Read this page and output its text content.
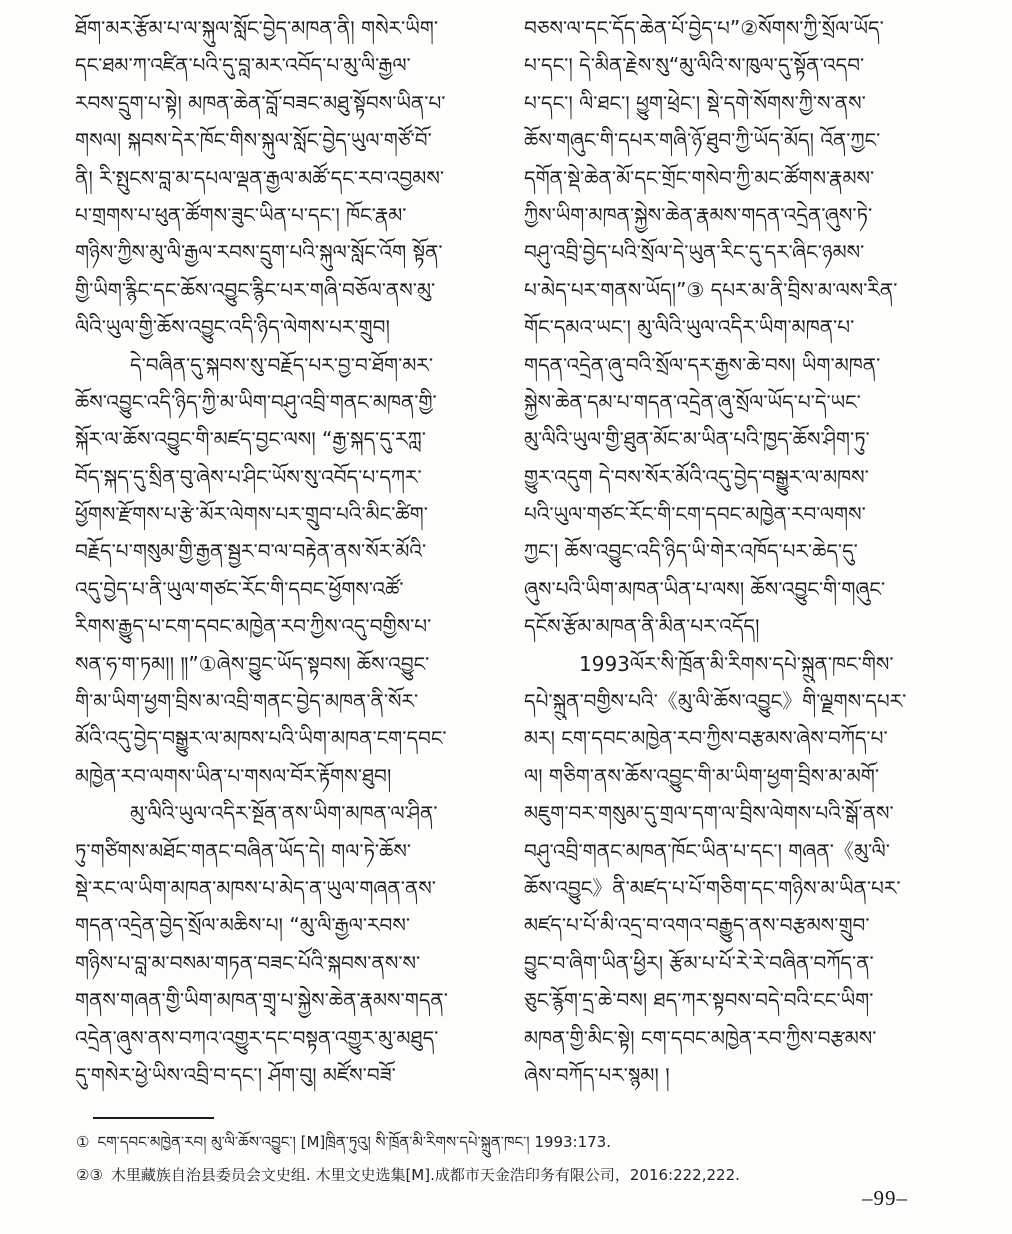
ཐོག་མར་རྩོམ་པ་ལ་སྐུལ་སློང་བྱེད་མཁན་ནི། གསེར་ཡིག་
དང་ཐམ་ཀ་འཛིན་པའི་དུ་བླ་མར་འབོད་པ་མུ་ལི་རྒྱལ་
རབས་དྲུག་པ་སྟེ། མཁན་ཆེན་བློ་བཟང་མཐུ་སྟོབས་ཡིན་པ་
གསལ། སྐབས་དེར་ཁོང་གིས་སྐུལ་སློང་བྱེད་ཡུལ་གཙོ་བོ་
ནི། རི་སྤུངས་བླ་མ་དཔལ་ལྡན་རྒྱལ་མཚོ་དང་རབ་འབྱམས་
པ་གྲགས་པ་ཕུན་ཚོགས་ཟུང་ཡིན་པ་དང་། ཁོང་རྣམ་
གཉིས་ཀྱིས་མུ་ལི་རྒྱལ་རབས་དྲུག་པའི་སྐུལ་སློང་འོག སྟོན་
གྱི་ཡིག་རྙིང་དང་ཆོས་འབྱུང་རྙིང་པར་གཞི་བཅོལ་ནས་མུ་
ལིའི་ཡུལ་གྱི་ཆོས་འབྱུང་འདི་ཉིད་ལེགས་པར་གྲུབ།
དེ་བཞིན་དུ་སྐབས་སུ་བརྗོད་པར་བྱ་བ་ཐོག་མར་
ཆོས་འབྱུང་འདི་ཉིད་ཀྱི་མ་ཡིག་བཤུ་འབྲི་གནང་མཁན་གྱི་
སྐོར་ལ་ཆོས་འབྱུང་གི་མཛད་བྱང་ལས། “རྒྱ་སྐད་དུ་རཀླ་
བོད་སྐད་དུ་སྲིན་བུ་ཞེས་པ་ཤིང་ཡོས་སུ་འབོད་པ་དཀར་
ཕྱོགས་རྫོགས་པ་རྩེ་མོར་ལེགས་པར་གྲུབ་པའི་མིང་ཚིག་
བརྗོད་པ་གསུམ་གྱི་རྒྱན་སྦྱར་བ་ལ་བརྟེན་ནས་སོར་མོའི་
འདུ་བྱེད་པ་ནི་ཡུལ་གཙང་རོང་གི་དབང་ཕྱོགས་འཚོ་
རིགས་རྒྱུད་པ་ངག་དབང་མཁྱེན་རབ་ཀྱིས་འདུ་བགྱིས་པ་
སན་ཧ་ག་ཏམ།། ༎”①ཞེས་བྱུང་ཡོད་སྟབས། ཆོས་འབྱུང་
གི་མ་ཡིག་ཕྱག་བྲིས་མ་འབྲི་གནང་བྱེད་མཁན་ནི་སོར་
མོའི་འདུ་བྱེད་བསྒྱུར་ལ་མཁས་པའི་ཡིག་མཁན་ངག་དབང་
མཁྱེན་རབ་ལགས་ཡིན་པ་གསལ་བོར་རྟོགས་ཐུབ།
མུ་ལིའི་ཡུལ་འདིར་སྔོན་ནས་ཡིག་མཁན་ལ་ཤིན་
ཏུ་གཙིགས་མཐོང་གནང་བཞིན་ཡོད་དེ། གལ་ཏེ་ཆོས་
སྡེ་རང་ལ་ཡིག་མཁན་མཁས་པ་མེད་ན་ཡུལ་གཞན་ནས་
གདན་འདྲེན་བྱེད་སྲོལ་མཆིས་པ། “མུ་ལི་རྒྱལ་རབས་
གཉིས་པ་བླ་མ་བསམ་གཏན་བཟང་པོའི་སྐབས་ནས་ས་
གནས་གཞན་གྱི་ཡིག་མཁན་གྲྭ་པ་སྐྱེས་ཆེན་རྣམས་གདན་
འདྲེན་ཞུས་ནས་བཀའ་འགྱུར་དང་བསྟན་འགྱུར་མུ་མཐུད་
དུ་གསེར་ཕྱེ་ཡིས་འབྲི་བ་དང་། ཤོག་བུ། མཛོས་བཟོ་
བཅས་ལ་དང་དོད་ཆེན་པོ་བྱེད་པ”②སོགས་ཀྱི་སྲོལ་ཡོད་
པ་དང་། དེ་མིན་རྗེས་སུ“མུ་ལིའི་ས་ཁུལ་དུ་སྟོན་འདབ་
པ་དང་། ལི་ཐང་། ཕྱུག་ཕྲེང་། སྡེ་དགེ་སོགས་ཀྱི་ས་ནས་
ཆོས་གཞུང་གི་དཔར་གཞི་ཉོ་ཐུབ་ཀྱི་ཡོད་མོད། འོན་ཀྱང་
དགོན་སྡེ་ཆེན་མོ་དང་གྲོང་གསེབ་ཀྱི་མང་ཚོགས་རྣམས་
ཀྱིས་ཡིག་མཁན་སྐྱེས་ཆེན་རྣམས་གདན་འདྲེན་ཞུས་ཏེ་
བཤུ་འབྲི་བྱེད་པའི་སྲོལ་དེ་ཡུན་རིང་དུ་དར་ཞིང་ཉམས་
པ་མེད་པར་གནས་ཡོད།”③ དཔར་མ་ནི་བྲིས་མ་ལས་རིན་
གོང་དམའ་ཡང་། མུ་ལིའི་ཡུལ་འདིར་ཡིག་མཁན་པ་
གདན་འདྲེན་ཞུ་བའི་སྲོལ་དར་རྒྱས་ཆེ་བས། ཡིག་མཁན་
སྐྱེས་ཆེན་དམ་པ་གདན་འདྲེན་ཞུ་སྲོལ་ཡོད་པ་དེ་ཡང་
མུ་ལིའི་ཡུལ་གྱི་ཐུན་མོང་མ་ཡིན་པའི་ཁྱད་ཆོས་ཤིག་ཏུ་
གྱུར་འདུག དེ་བས་སོར་མོའི་འདུ་བྱེད་བསྒྱུར་ལ་མཁས་
པའི་ཡུལ་གཙང་རོང་གི་ངག་དབང་མཁྱེན་རབ་ལགས་
ཀྱང་། ཆོས་འབྱུང་འདི་ཉིད་ཡི་གེར་འཁོད་པར་ཆེད་དུ་
ཞུས་པའི་ཡིག་མཁན་ཡིན་པ་ལས། ཆོས་འབྱུང་གི་གཞུང་
དངོས་རྩོམ་མཁན་ནི་མིན་པར་འདོད།
1993ལོར་སི་ཁྲོན་མི་རིགས་དཔེ་སྐྲུན་ཁང་གིས་
དཔེ་སྐྲུན་བགྱིས་པའི་《མུ་ལི་ཆོས་འབྱུང》གི་ལྗགས་དཔར་
མར། ངག་དབང་མཁྱེན་རབ་ཀྱིས་བརྩམས་ཞེས་བཀོད་པ་
ལ། གཅིག་ནས་ཆོས་འབྱུང་གི་མ་ཡིག་ཕྱག་བྲིས་མ་མགོ་
མཇུག་བར་གསུམ་དུ་གྲལ་དག་ལ་བྲིས་ལེགས་པའི་སྒོ་ནས་
བཤུ་འབྲི་གནང་མཁན་ཁོང་ཡིན་པ་དང་། གཞན་《མུ་ལི་
ཆོས་འབྱུང》ནི་མཛད་པ་པོ་གཅིག་དང་གཉིས་མ་ཡིན་པར་
མཛད་པ་པོ་མི་འདྲ་བ་འགའ་བརྒྱུད་ནས་བརྩམས་གྲུབ་
བྱུང་བ་ཞིག་ཡིན་ཕྱིར། རྩོམ་པ་པོ་རེ་རེ་བཞིན་བཀོད་ན་
ཅུང་རྙོག་དྲ་ཆེ་བས། ཐད་ཀར་སྟབས་བདེ་བའི་ངང་ཡིག་
མཁན་གྱི་མིང་སྟེ། ངག་དབང་མཁྱེན་རབ་ཀྱིས་བརྩམས་
ཞེས་བཀོད་པར་སྙམ། །
① ངག་དབང་མཁྱེན་རབ། མུ་ལི་ཆོས་འབྱུང་། [M]ཁྲིན་ཏུའུ། སི་ཁྲོན་མི་རིགས་དཔེ་སྐྲུན་ཁང་། 1993:173.
②③ 木里藏族自治县委员会文史组. 木里文史选集[M].成都市天金浩印务有限公司，2016:222,222.
–99–
